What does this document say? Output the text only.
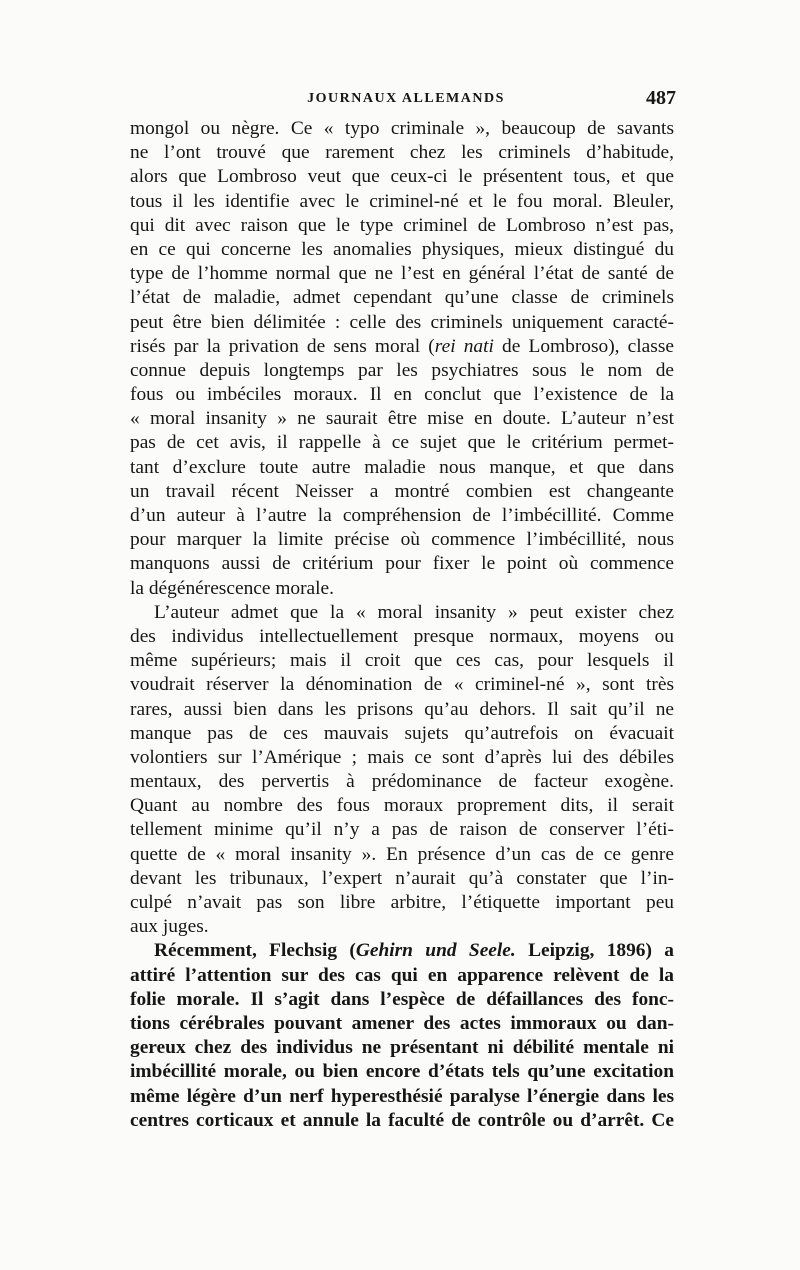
JOURNAUX ALLEMANDS	487
mongol ou nègre. Ce « typo criminale », beaucoup de savants
ne l’ont trouvé que rarement chez les criminels d’habitude,
alors que Lombroso veut que ceux-ci le présentent tous, et que
tous il les identifie avec le criminel-né et le fou moral. Bleuler,
qui dit avec raison que le type criminel de Lombroso n’est pas,
en ce qui concerne les anomalies physiques, mieux distingué du
type de l’homme normal que ne l’est en général l’état de santé de
l’état de maladie, admet cependant qu’une classe de criminels
peut être bien délimitée : celle des criminels uniquement caracté-
risés par la privation de sens moral (rei nati de Lombroso), classe
connue depuis longtemps par les psychiatres sous le nom de
fous ou imbéciles moraux. Il en conclut que l’existence de la
« moral insanity » ne saurait être mise en doute. L’auteur n’est
pas de cet avis, il rappelle à ce sujet que le critérium permet-
tant d’exclure toute autre maladie nous manque, et que dans
un travail récent Neisser a montré combien est changeante
d’un auteur à l’autre la compréhension de l’imbécillité. Comme
pour marquer la limite précise où commence l’imbécillité, nous
manquons aussi de critérium pour fixer le point où commence
la dégénérescence morale.
L’auteur admet que la « moral insanity » peut exister chez
des individus intellectuellement presque normaux, moyens ou
même supérieurs; mais il croit que ces cas, pour lesquels il
voudrait réserver la dénomination de « criminel-né », sont très
rares, aussi bien dans les prisons qu’au dehors. Il sait qu’il ne
manque pas de ces mauvais sujets qu’autrefois on évacuait
volontiers sur l’Amérique ; mais ce sont d’après lui des débiles
mentaux, des pervertis à prédominance de facteur exogène.
Quant au nombre des fous moraux proprement dits, il serait
tellement minime qu’il n’y a pas de raison de conserver l’éti-
quette de « moral insanity ». En présence d’un cas de ce genre
devant les tribunaux, l’expert n’aurait qu’à constater que l’in-
culpé n’avait pas son libre arbitre, l’étiquette important peu
aux juges.
Récemment, Flechsig (Gehirn und Seele. Leipzig, 1896) a
attiré l’attention sur des cas qui en apparence relèvent de la
folie morale. Il s’agit dans l’espèce de défaillances des fonc-
tions cérébrales pouvant amener des actes immoraux ou dan-
gereux chez des individus ne présentant ni débilité mentale ni
imbécillité morale, ou bien encore d’états tels qu’une excitation
même légère d’un nerf hyperesthésié paralyse l’énergie dans les
centres corticaux et annule la faculté de contrôle ou d’arrêt. Ce
